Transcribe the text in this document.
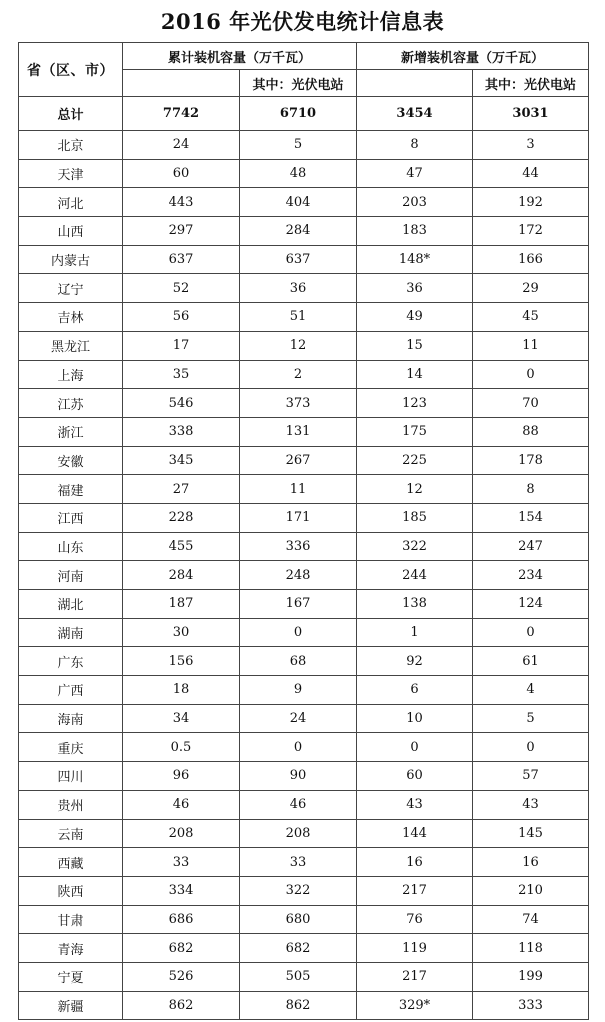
2016 年光伏发电统计信息表
省（区、市）	累计装机容量（万千瓦）		新增装机容量（万千瓦）	
		其中：光伏电站		其中：光伏电站
总计	7742	6710	3454	3031
北京	24	5	8	3
天津	60	48	47	44
河北	443	404	203	192
山西	297	284	183	172
内蒙古	637	637	148*	166
辽宁	52	36	36	29
吉林	56	51	49	45
黑龙江	17	12	15	11
上海	35	2	14	0
江苏	546	373	123	70
浙江	338	131	175	88
安徽	345	267	225	178
福建	27	11	12	8
江西	228	171	185	154
山东	455	336	322	247
河南	284	248	244	234
湖北	187	167	138	124
湖南	30	0	1	0
广东	156	68	92	61
广西	18	9	6	4
海南	34	24	10	5
重庆	0.5	0	0	0
四川	96	90	60	57
贵州	46	46	43	43
云南	208	208	144	145
西藏	33	33	16	16
陕西	334	322	217	210
甘肃	686	680	76	74
青海	682	682	119	118
宁夏	526	505	217	199
新疆	862	862	329*	333
